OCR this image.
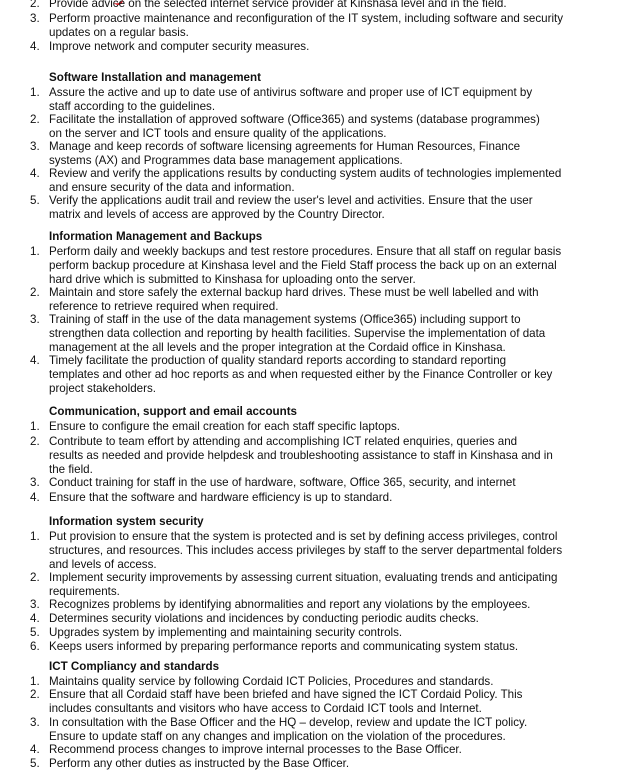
2. Provide advice on the selected internet service provider at Kinshasa level and in the field.
3. Perform proactive maintenance and reconfiguration of the IT system, including software and security
updates on a regular basis.
4. Improve network and computer security measures.
Software Installation and management
1. Assure the active and up to date use of antivirus software and proper use of ICT equipment by
staff according to the guidelines.
2. Facilitate the installation of approved software (Office365) and systems (database programmes)
on the server and ICT tools and ensure quality of the applications.
3. Manage and keep records of software licensing agreements for Human Resources, Finance
systems (AX) and Programmes data base management applications.
4. Review and verify the applications results by conducting system audits of technologies implemented
and ensure security of the data and information.
5. Verify the applications audit trail and review the user's level and activities. Ensure that the user
matrix and levels of access are approved by the Country Director.
Information Management and Backups
1. Perform daily and weekly backups and test restore procedures. Ensure that all staff on regular basis
perform backup procedure at Kinshasa level and the Field Staff process the back up on an external
hard drive which is submitted to Kinshasa for uploading onto the server.
2. Maintain and store safely the external backup hard drives. These must be well labelled and with
reference to retrieve required when required.
3. Training of staff in the use of the data management systems (Office365) including support to
strengthen data collection and reporting by health facilities. Supervise the implementation of data
management at the all levels and the proper integration at the Cordaid office in Kinshasa.
4. Timely facilitate the production of quality standard reports according to standard reporting
templates and other ad hoc reports as and when requested either by the Finance Controller or key
project stakeholders.
Communication, support and email accounts
1. Ensure to configure the email creation for each staff specific laptops.
2. Contribute to team effort by attending and accomplishing ICT related enquiries, queries and
results as needed and provide helpdesk and troubleshooting assistance to staff in Kinshasa and in
the field.
3. Conduct training for staff in the use of hardware, software, Office 365, security, and internet
4. Ensure that the software and hardware efficiency is up to standard.
Information system security
1. Put provision to ensure that the system is protected and is set by defining access privileges, control
structures, and resources. This includes access privileges by staff to the server departmental folders
and levels of access.
2. Implement security improvements by assessing current situation, evaluating trends and anticipating
requirements.
3. Recognizes problems by identifying abnormalities and report any violations by the employees.
4. Determines security violations and incidences by conducting periodic audits checks.
5. Upgrades system by implementing and maintaining security controls.
6. Keeps users informed by preparing performance reports and communicating system status.
ICT Compliancy and standards
1. Maintains quality service by following Cordaid ICT Policies, Procedures and standards.
2. Ensure that all Cordaid staff have been briefed and have signed the ICT Cordaid Policy. This
includes consultants and visitors who have access to Cordaid ICT tools and Internet.
3. In consultation with the Base Officer and the HQ – develop, review and update the ICT policy.
Ensure to update staff on any changes and implication on the violation of the procedures.
4. Recommend process changes to improve internal processes to the Base Officer.
5. Perform any other duties as instructed by the Base Officer.
